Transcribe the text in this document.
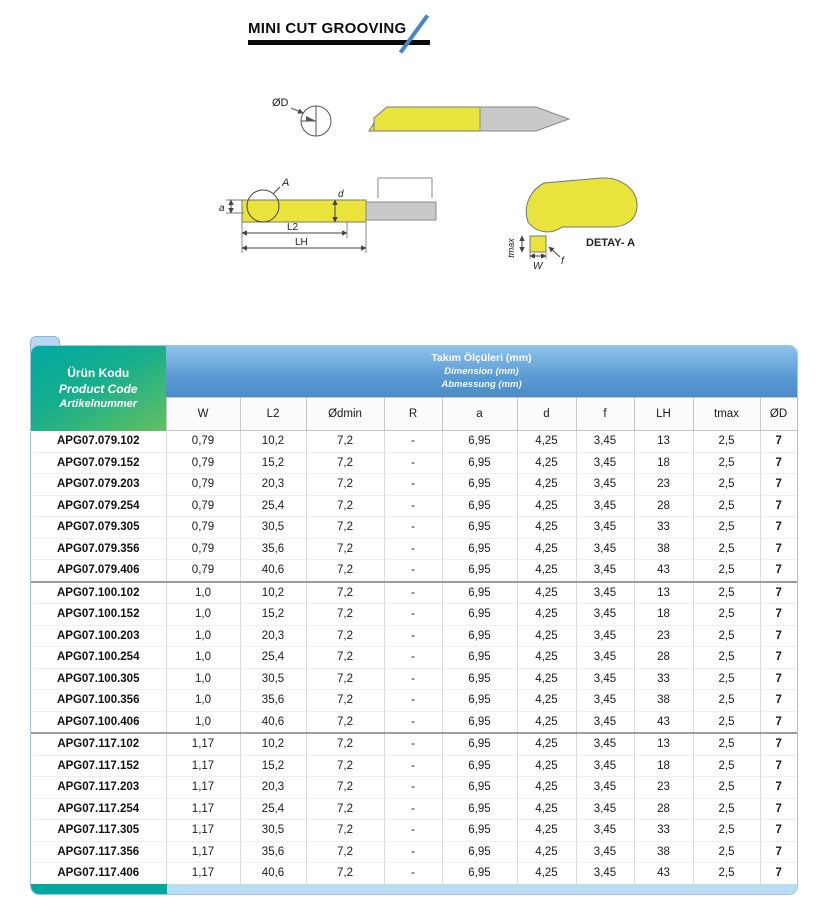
MINI CUT GROOVING
ØD
A
a
d
L2
LH	tmax
W f
DETAY- A
Ürün Kodu
Product Code
Artikelnummer

Takım Ölçüleri (mm)
Dimension (mm)
Abmessung (mm)

	W	L2	Ødmin	R	a	d	f	LH	tmax	ØD
APG07.079.102	0,79	10,2	7,2	-	6,95	4,25	3,45	13	2,5	7
APG07.079.152	0,79	15,2	7,2	-	6,95	4,25	3,45	18	2,5	7
APG07.079.203	0,79	20,3	7,2	-	6,95	4,25	3,45	23	2,5	7
APG07.079.254	0,79	25,4	7,2	-	6,95	4,25	3,45	28	2,5	7
APG07.079.305	0,79	30,5	7,2	-	6,95	4,25	3,45	33	2,5	7
APG07.079.356	0,79	35,6	7,2	-	6,95	4,25	3,45	38	2,5	7
APG07.079.406	0,79	40,6	7,2	-	6,95	4,25	3,45	43	2,5	7
APG07.100.102	1,0	10,2	7,2	-	6,95	4,25	3,45	13	2,5	7
APG07.100.152	1,0	15,2	7,2	-	6,95	4,25	3,45	18	2,5	7
APG07.100.203	1,0	20,3	7,2	-	6,95	4,25	3,45	23	2,5	7
APG07.100.254	1,0	25,4	7,2	-	6,95	4,25	3,45	28	2,5	7
APG07.100.305	1,0	30,5	7,2	-	6,95	4,25	3,45	33	2,5	7
APG07.100.356	1,0	35,6	7,2	-	6,95	4,25	3,45	38	2,5	7
APG07.100.406	1,0	40,6	7,2	-	6,95	4,25	3,45	43	2,5	7
APG07.117.102	1,17	10,2	7,2	-	6,95	4,25	3,45	13	2,5	7
APG07.117.152	1,17	15,2	7,2	-	6,95	4,25	3,45	18	2,5	7
APG07.117.203	1,17	20,3	7,2	-	6,95	4,25	3,45	23	2,5	7
APG07.117.254	1,17	25,4	7,2	-	6,95	4,25	3,45	28	2,5	7
APG07.117.305	1,17	30,5	7,2	-	6,95	4,25	3,45	33	2,5	7
APG07.117.356	1,17	35,6	7,2	-	6,95	4,25	3,45	38	2,5	7
APG07.117.406	1,17	40,6	7,2	-	6,95	4,25	3,45	43	2,5	7
